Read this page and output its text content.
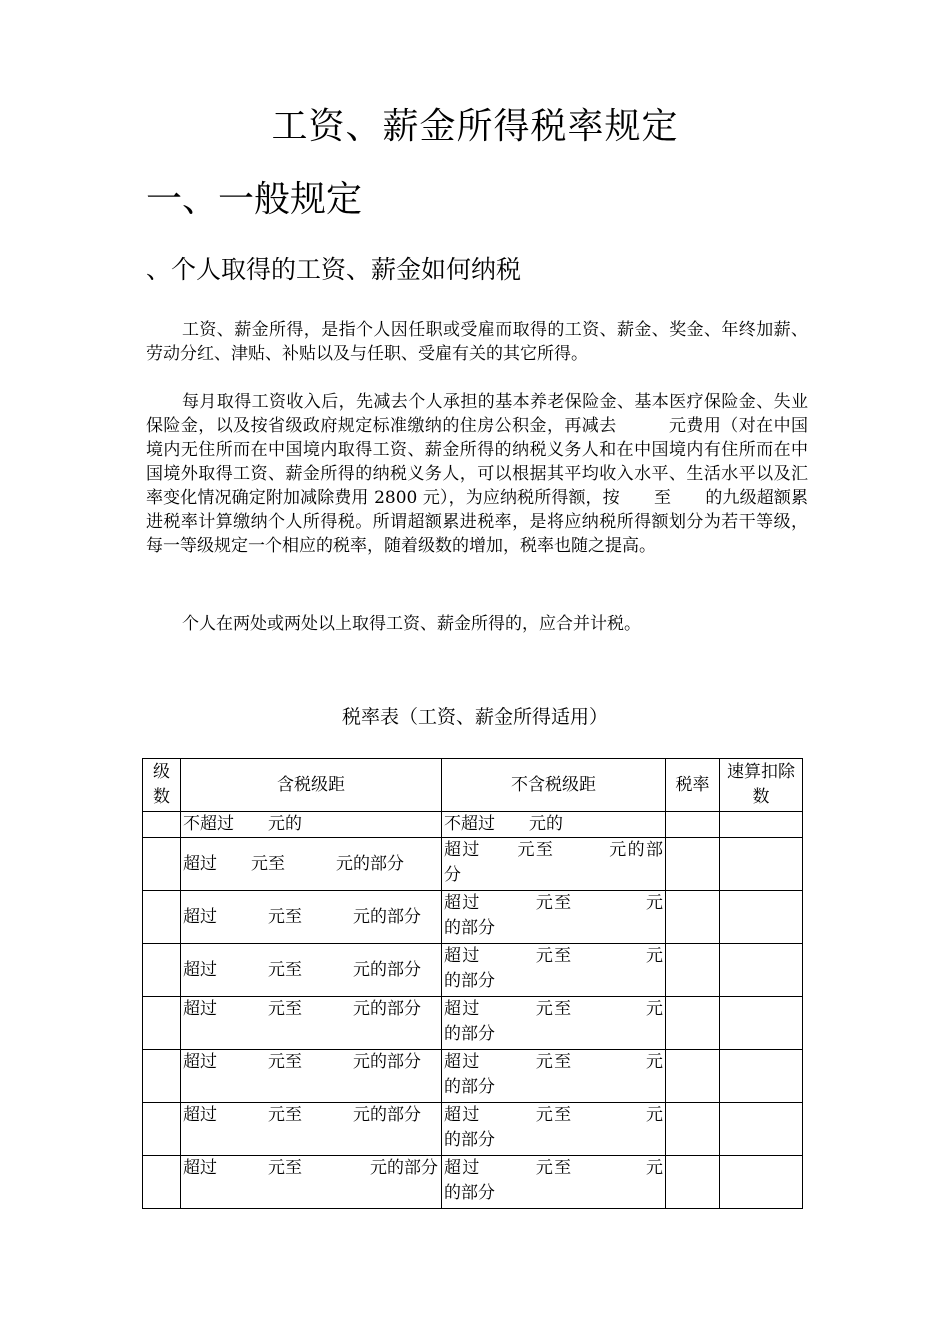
工资、薪金所得税率规定
一、一般规定
、个人取得的工资、薪金如何纳税

工资、薪金所得，是指个人因任职或受雇而取得的工资、薪金、奖金、年终加薪、劳动分红、津贴、补贴以及与任职、受雇有关的其它所得。

每月取得工资收入后，先减去个人承担的基本养老保险金、基本医疗保险金、失业保险金，以及按省级政府规定标准缴纳的住房公积金，再减去　　　元费用（对在中国境内无住所而在中国境内取得工资、薪金所得的纳税义务人和在中国境内有住所而在中国境外取得工资、薪金所得的纳税义务人，可以根据其平均收入水平、生活水平以及汇率变化情况确定附加减除费用 2800 元），为应纳税所得额，按　　至　　的九级超额累进税率计算缴纳个人所得税。所谓超额累进税率，是将应纳税所得额划分为若干等级，每一等级规定一个相应的税率，随着级数的增加，税率也随之提高。

个人在两处或两处以上取得工资、薪金所得的，应合并计税。

税率表（工资、薪金所得适用）
级数	含税级距	不含税级距	税率	速算扣除数
	不超过　　元的	不超过　　元的		
	超过　　元至　　　元的部分	超过　　元至　　　元的部分		
	超过　　　元至　　　元的部分	超过　　　元至　　　　元的部分		
	超过　　　元至　　　元的部分	超过　　　元至　　　　元的部分		
	超过　　　元至　　　元的部分	超过　　　元至　　　　元的部分		
	超过　　　元至　　　元的部分	超过　　　元至　　　　元的部分		
	超过　　　元至　　　元的部分	超过　　　元至　　　　元的部分		
	超过　　　元至　　　　元的部分	超过　　　元至　　　　元的部分		
